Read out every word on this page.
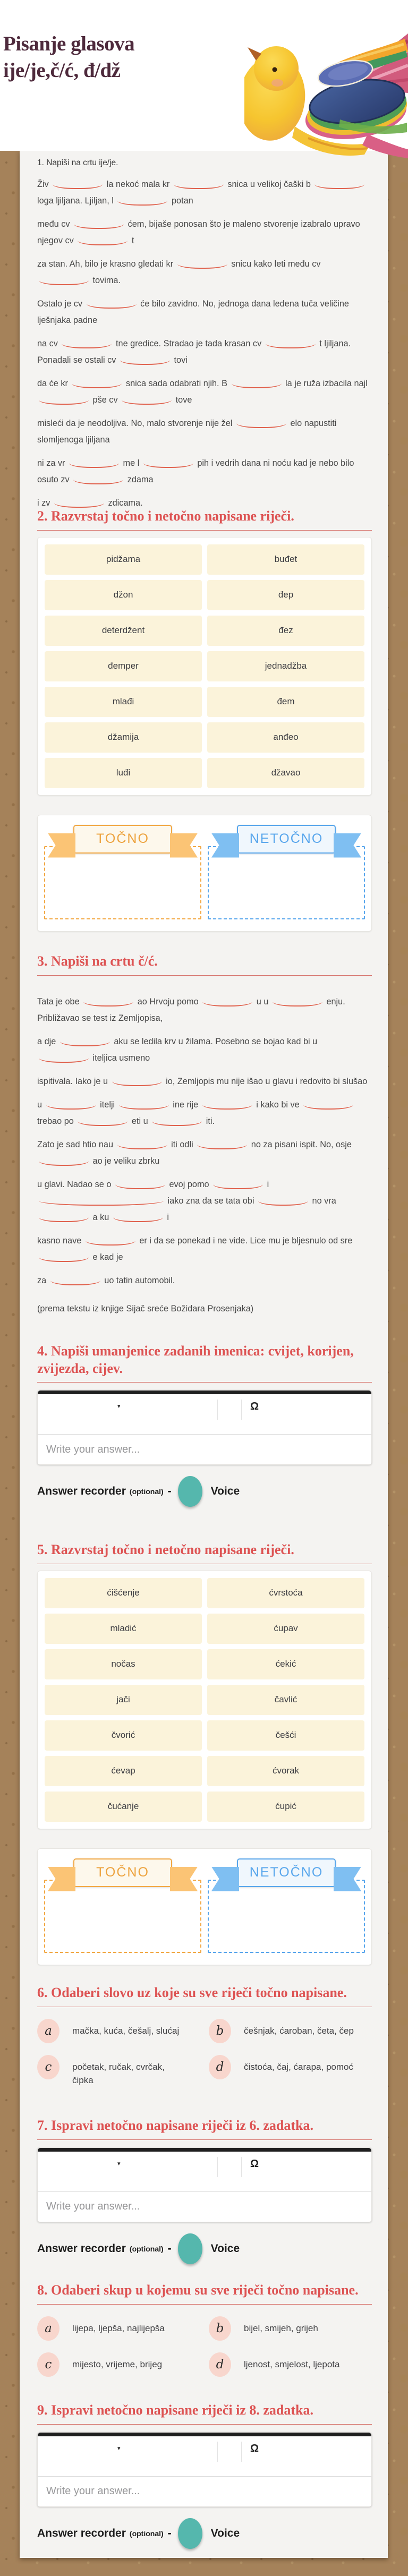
Pisanje glasova
ije/je,č/ć, đ/dž
1. Napiši na crtu ije/je.

Živ	la nekoć mala kr	snica u velikoj čaški b  loga ljiljana. Ljiljan, l	potan

među cv	ćem, bijaše ponosan što je maleno stvorenje izabralo upravo njegov cv	t

za stan. Ah, bilo je krasno gledati kr	snicu kako leti među cv  tovima.

Ostalo je cv	će bilo zavidno. No, jednoga dana ledena tuča veličine lješnjaka padne

na cv	tne gredice. Stradao je tada krasan cv	t ljiljana. Ponadali se ostali cv	tovi

da će kr	snica sada odabrati njih. B	la je ruža izbacila najl  pše cv	tove

misleći da je neodoljiva. No, malo stvorenje nije žel	elo napustiti slomljenoga ljiljana

ni za vr	me l	pih i vedrih dana ni noću kad je nebo bilo osuto zv	zdama

i zv	zdicama.

2. Razvrstaj točno i netočno napisane riječi.
pidžama	buđet
džon	đep
deterdžent	đez
đemper	jednadžba
mlađi	đem
džamija	anđeo
luđi	džavao
TOČNO	NETOČNO
3. Napiši na crtu č/ć.

Tata je obe	ao Hrvoju pomo	u u	enju. Približavao se test iz Zemljopisa,

a dje	aku se ledila krv u žilama. Posebno se bojao kad bi u  iteljica usmeno

ispitivala. Iako je u	io, Zemljopis mu nije išao u glavu i redovito bi slušao

u	itelji	ine rije	i kako bi ve  trebao po	eti u	iti.

Zato je sad htio nau	iti odli	no za pisani ispit. No, osje  ao je veliku zbrku

u glavi. Nadao se o	evoj pomo	i  iako zna da se tata obi	no vra  a ku	i

kasno nave	er i da se ponekad i ne vide. Lice mu je bljesnulo od sre  e kad je

za	uo tatin automobil.

(prema tekstu iz knjige Sijač sreće Božidara Prosenjaka)
4. Napiši umanjenice zadanih imenica: cvijet, korijen, zvijezda, cijev.
▾	Ω
Write your answer...
Answer recorder (optional) -	Voice
5. Razvrstaj točno i netočno napisane riječi.
ćišćenje	ćvrstoća
mladić	ćupav
nočas	ćekić
jači	čavlić
čvorić	češći
ćevap	ćvorak
čućanje	ćupić
TOČNO	NETOČNO
6. Odaberi slovo uz koje su sve riječi točno napisane.
a	mačka, kuća, češalj, slućaj	b	češnjak, ćaroban, četa, čep
c	početak, ručak, cvrčak, čipka
d	čistoća, čaj, ćarapa, pomoć
7. Ispravi netočno napisane riječi iz 6. zadatka.
▾	Ω
Write your answer...
Answer recorder (optional) -	Voice
8. Odaberi skup u kojemu su sve riječi točno napisane.
a	lijepa, ljepša, najlijepša	b	bijel, smijeh, grijeh
c	mijesto, vrijeme, brijeg	d	ljenost, smjelost, ljepota
9. Ispravi netočno napisane riječi iz 8. zadatka.
▾	Ω
Write your answer...
Answer recorder (optional) -	Voice
